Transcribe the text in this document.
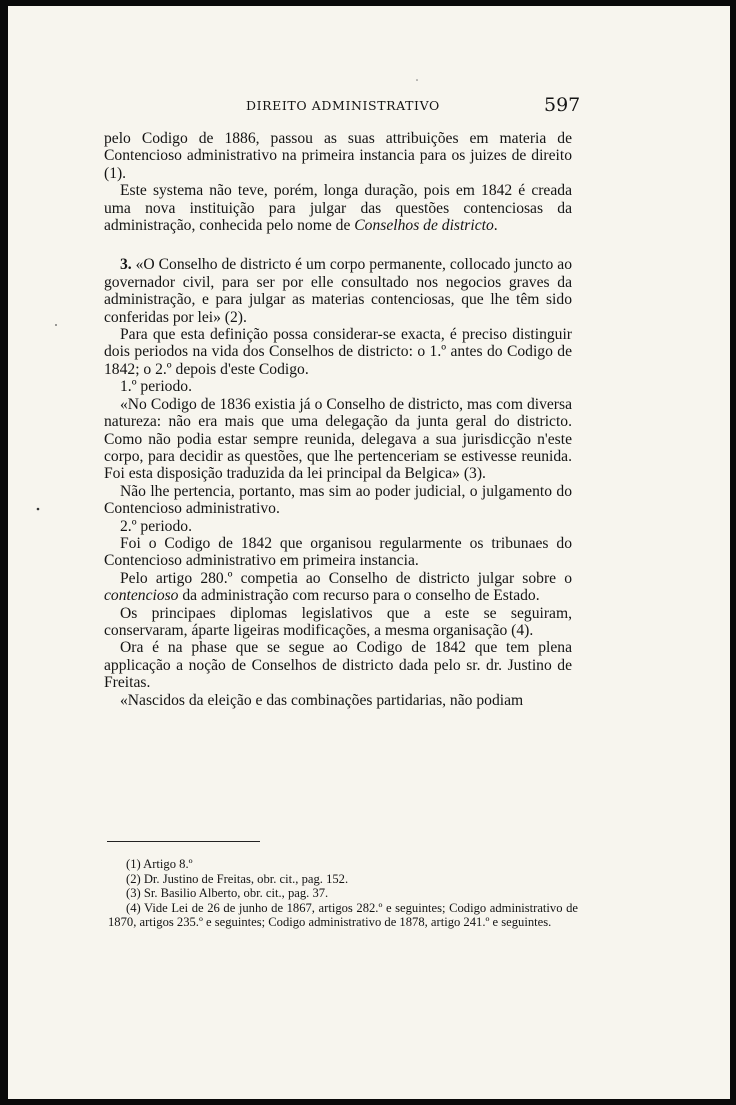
DIREITO ADMINISTRATIVO	597

pelo Codigo de 1886, passou as suas attribuições em materia de Contencioso administrativo na primeira instancia para os juizes de direito (1).

Este systema não teve, porém, longa duração, pois em 1842 é creada uma nova instituição para julgar das questões contenciosas da administração, conhecida pelo nome de Conselhos de districto.

3. «O Conselho de districto é um corpo permanente, collocado juncto ao governador civil, para ser por elle consultado nos negocios graves da administração, e para julgar as materias contenciosas, que lhe têm sido conferidas por lei» (2).

Para que esta definição possa considerar-se exacta, é preciso distinguir dois periodos na vida dos Conselhos de districto: o 1.º antes do Codigo de 1842; o 2.º depois d'este Codigo.

1.º periodo.

«No Codigo de 1836 existia já o Conselho de districto, mas com diversa natureza: não era mais que uma delegação da junta geral do districto. Como não podia estar sempre reunida, delegava a sua jurisdicção n'este corpo, para decidir as questões, que lhe pertenceriam se estivesse reunida. Foi esta disposição traduzida da lei principal da Belgica» (3).

Não lhe pertencia, portanto, mas sim ao poder judicial, o julgamento do Contencioso administrativo.

2.º periodo.

Foi o Codigo de 1842 que organisou regularmente os tribunaes do Contencioso administrativo em primeira instancia.

Pelo artigo 280.º competia ao Conselho de districto julgar sobre o contencioso da administração com recurso para o conselho de Estado.

Os principaes diplomas legislativos que a este se seguiram, conservaram, áparte ligeiras modificações, a mesma organisação (4).

Ora é na phase que se segue ao Codigo de 1842 que tem plena applicação a noção de Conselhos de districto dada pelo sr. dr. Justino de Freitas.

«Nascidos da eleição e das combinações partidarias, não podiam

(1) Artigo 8.º

(2) Dr. Justino de Freitas, obr. cit., pag. 152.

(3) Sr. Basilio Alberto, obr. cit., pag. 37.

(4) Vide Lei de 26 de junho de 1867, artigos 282.º e seguintes; Codigo administrativo de 1870, artigos 235.º e seguintes; Codigo administrativo de 1878, artigo 241.º e seguintes.
